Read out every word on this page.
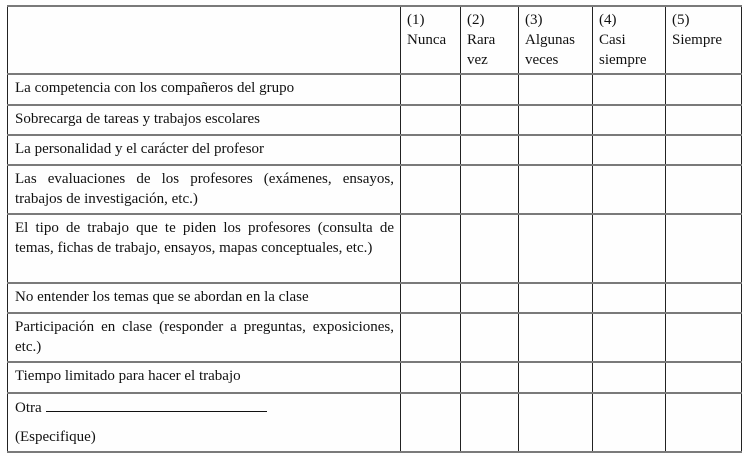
(1)
Nunca
(2)
Rara
vez
(3)
Algunas
veces
(4)
Casi
siempre
(5)
Siempre
La competencia con los compañeros del grupo
Sobrecarga de tareas y trabajos escolares
La personalidad y el carácter del profesor
Las evaluaciones de los profesores (exámenes, ensayos, trabajos de investigación, etc.)
El tipo de trabajo que te piden los profesores (consulta de temas, fichas de trabajo, ensayos, mapas conceptuales, etc.)
No entender los temas que se abordan en la clase
Participación en clase (responder a preguntas, exposiciones, etc.)
Tiempo limitado para hacer el trabajo
Otra
(Especifique)
